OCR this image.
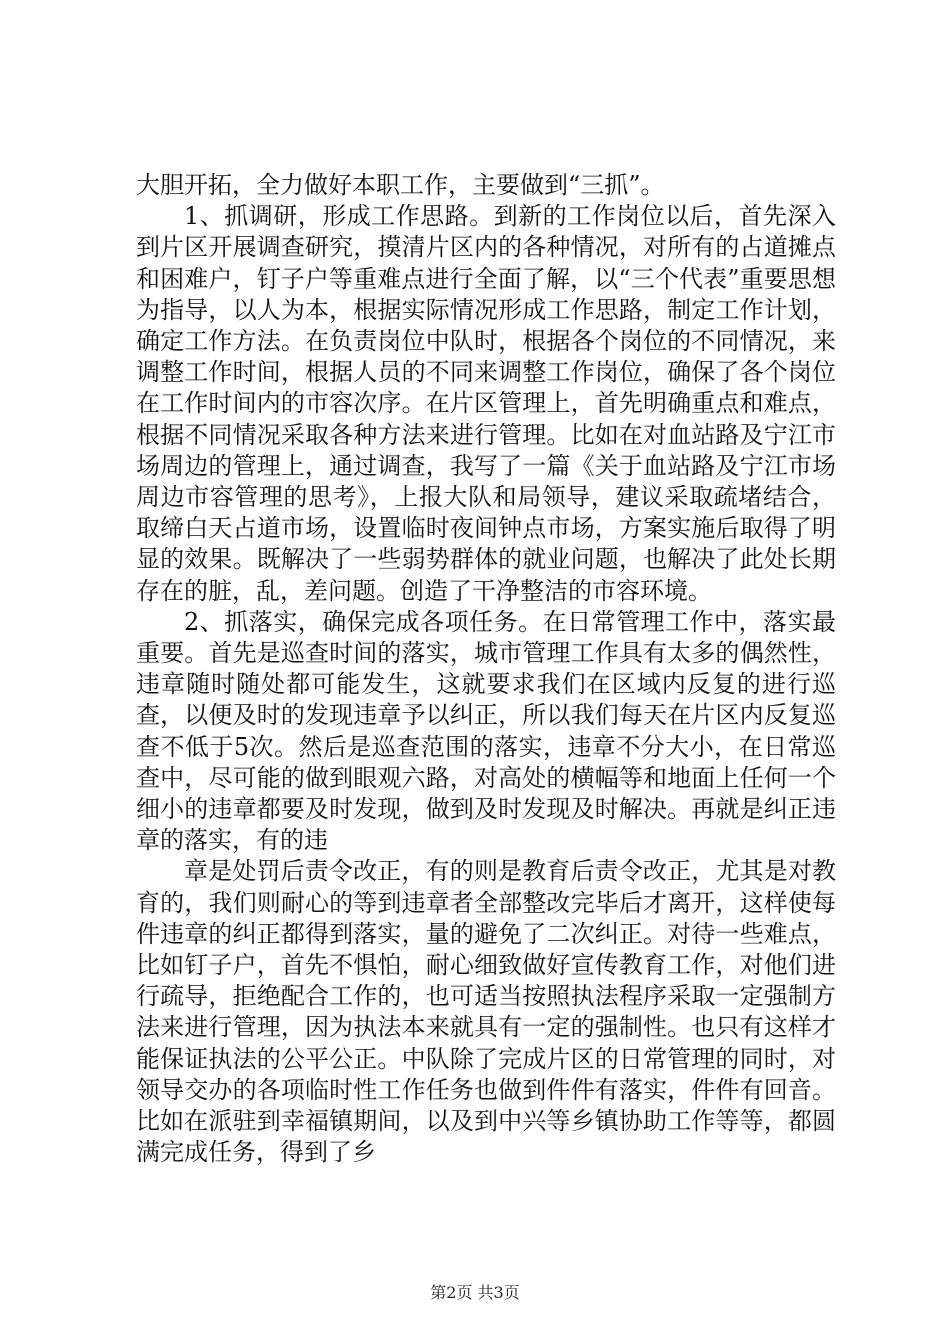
大胆开拓，全力做好本职工作，主要做到“三抓”。

1、抓调研，形成工作思路。到新的工作岗位以后，首先深入到片区开展调查研究，摸清片区内的各种情况，对所有的占道摊点和困难户，钉子户等重难点进行全面了解，以“三个代表”重要思想为指导，以人为本，根据实际情况形成工作思路，制定工作计划，确定工作方法。在负责岗位中队时，根据各个岗位的不同情况，来调整工作时间，根据人员的不同来调整工作岗位，确保了各个岗位在工作时间内的市容次序。在片区管理上，首先明确重点和难点，根据不同情况采取各种方法来进行管理。比如在对血站路及宁江市场周边的管理上，通过调查，我写了一篇《关于血站路及宁江市场周边市容管理的思考》，上报大队和局领导，建议采取疏堵结合，取缔白天占道市场，设置临时夜间钟点市场，方案实施后取得了明显的效果。既解决了一些弱势群体的就业问题，也解决了此处长期存在的脏，乱，差问题。创造了干净整洁的市容环境。

2、抓落实，确保完成各项任务。在日常管理工作中，落实最重要。首先是巡查时间的落实，城市管理工作具有太多的偶然性，违章随时随处都可能发生，这就要求我们在区域内反复的进行巡查，以便及时的发现违章予以纠正，所以我们每天在片区内反复巡查不低于5次。然后是巡查范围的落实，违章不分大小，在日常巡查中，尽可能的做到眼观六路，对高处的横幅等和地面上任何一个细小的违章都要及时发现，做到及时发现及时解决。再就是纠正违章的落实，有的违

章是处罚后责令改正，有的则是教育后责令改正，尤其是对教育的，我们则耐心的等到违章者全部整改完毕后才离开，这样使每件违章的纠正都得到落实，量的避免了二次纠正。对待一些难点，比如钉子户，首先不惧怕，耐心细致做好宣传教育工作，对他们进行疏导，拒绝配合工作的，也可适当按照执法程序采取一定强制方法来进行管理，因为执法本来就具有一定的强制性。也只有这样才能保证执法的公平公正。中队除了完成片区的日常管理的同时，对领导交办的各项临时性工作任务也做到件件有落实，件件有回音。比如在派驻到幸福镇期间，以及到中兴等乡镇协助工作等等，都圆满完成任务，得到了乡

第2页 共3页
